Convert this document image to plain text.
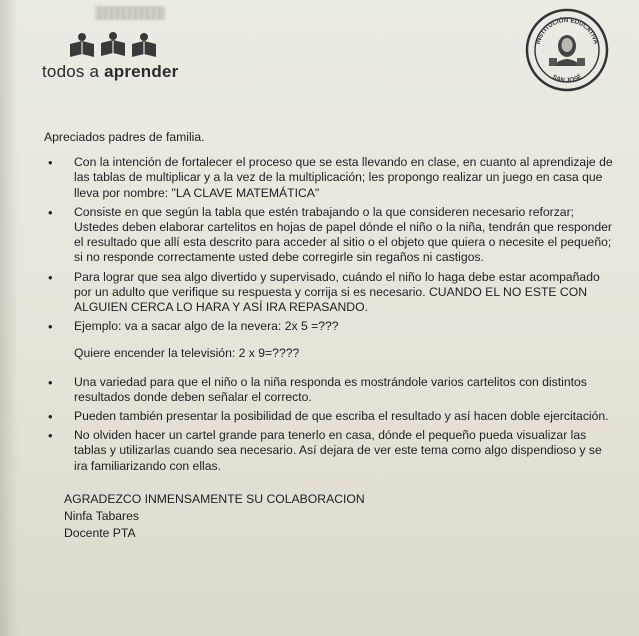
todos a aprender
INSTITUCIÓN EDUCATIVA
SAN JOSÉ

Apreciados padres de familia.

• Con la intención de fortalecer el proceso que se esta llevando en clase, en cuanto al aprendizaje de las tablas de multiplicar y a la vez de la multiplicación; les propongo realizar un juego en casa que lleva por nombre: "LA CLAVE MATEMÁTICA"
• Consiste en que según la tabla que estén trabajando o la que consideren necesario reforzar; Ustedes deben elaborar cartelitos en hojas de papel dónde el niño o la niña, tendrán que responder el resultado que allí esta descrito para acceder al sitio o el objeto que quiera o necesite el pequeño; si no responde correctamente usted debe corregirle sin regaños ni castigos.
• Para lograr que sea algo divertido y supervisado, cuándo el niño lo haga debe estar acompañado por un adulto que verifique su respuesta y corrija si es necesario. CUANDO EL NO ESTE CON ALGUIEN CERCA LO HARA Y ASÍ IRA REPASANDO.
• Ejemplo: va a sacar algo de la nevera: 2x 5 =???
Quiere encender la televisión: 2 x 9=????
• Una variedad para que el niño o la niña responda es mostrándole varios cartelitos con distintos resultados donde deben señalar el correcto.
• Pueden también presentar la posibilidad de que escriba el resultado y así hacen doble ejercitación.
• No olviden hacer un cartel grande para tenerlo en casa, dónde el pequeño pueda visualizar las tablas y utilizarlas cuando sea necesario. Así dejara de ver este tema como algo dispendioso y se ira familiarizando con ellas.
AGRADEZCO INMENSAMENTE SU COLABORACION
Ninfa Tabares
Docente PTA
